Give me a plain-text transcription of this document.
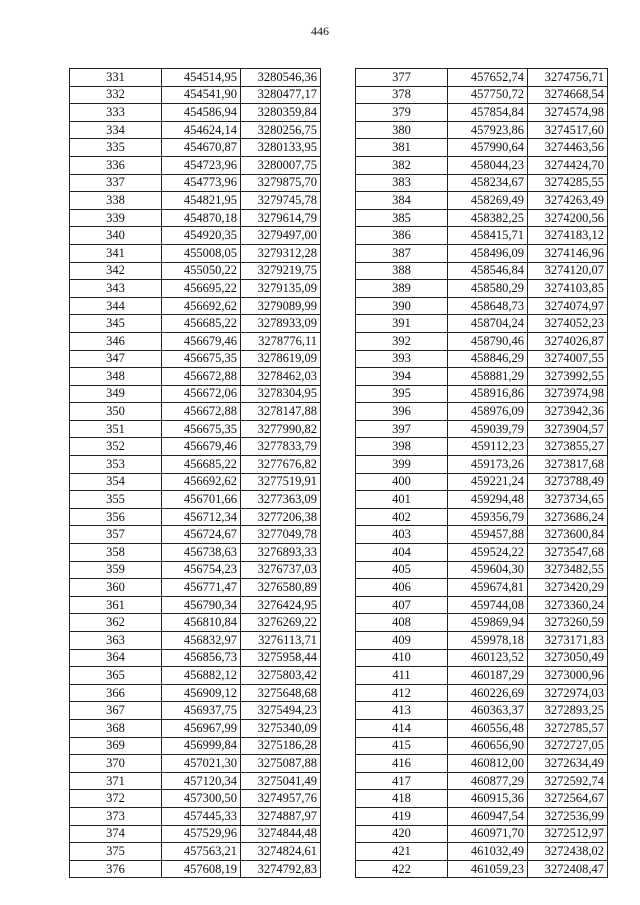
446
331	454514,95	3280546,36
332	454541,90	3280477,17
333	454586,94	3280359,84
334	454624,14	3280256,75
335	454670,87	3280133,95
336	454723,96	3280007,75
337	454773,96	3279875,70
338	454821,95	3279745,78
339	454870,18	3279614,79
340	454920,35	3279497,00
341	455008,05	3279312,28
342	455050,22	3279219,75
343	456695,22	3279135,09
344	456692,62	3279089,99
345	456685,22	3278933,09
346	456679,46	3278776,11
347	456675,35	3278619,09
348	456672,88	3278462,03
349	456672,06	3278304,95
350	456672,88	3278147,88
351	456675,35	3277990,82
352	456679,46	3277833,79
353	456685,22	3277676,82
354	456692,62	3277519,91
355	456701,66	3277363,09
356	456712,34	3277206,38
357	456724,67	3277049,78
358	456738,63	3276893,33
359	456754,23	3276737,03
360	456771,47	3276580,89
361	456790,34	3276424,95
362	456810,84	3276269,22
363	456832,97	3276113,71
364	456856,73	3275958,44
365	456882,12	3275803,42
366	456909,12	3275648,68
367	456937,75	3275494,23
368	456967,99	3275340,09
369	456999,84	3275186,28
370	457021,30	3275087,88
371	457120,34	3275041,49
372	457300,50	3274957,76
373	457445,33	3274887,97
374	457529,96	3274844,48
375	457563,21	3274824,61
376	457608,19	3274792,83
377	457652,74	3274756,71
378	457750,72	3274668,54
379	457854,84	3274574,98
380	457923,86	3274517,60
381	457990,64	3274463,56
382	458044,23	3274424,70
383	458234,67	3274285,55
384	458269,49	3274263,49
385	458382,25	3274200,56
386	458415,71	3274183,12
387	458496,09	3274146,96
388	458546,84	3274120,07
389	458580,29	3274103,85
390	458648,73	3274074,97
391	458704,24	3274052,23
392	458790,46	3274026,87
393	458846,29	3274007,55
394	458881,29	3273992,55
395	458916,86	3273974,98
396	458976,09	3273942,36
397	459039,79	3273904,57
398	459112,23	3273855,27
399	459173,26	3273817,68
400	459221,24	3273788,49
401	459294,48	3273734,65
402	459356,79	3273686,24
403	459457,88	3273600,84
404	459524,22	3273547,68
405	459604,30	3273482,55
406	459674,81	3273420,29
407	459744,08	3273360,24
408	459869,94	3273260,59
409	459978,18	3273171,83
410	460123,52	3273050,49
411	460187,29	3273000,96
412	460226,69	3272974,03
413	460363,37	3272893,25
414	460556,48	3272785,57
415	460656,90	3272727,05
416	460812,00	3272634,49
417	460877,29	3272592,74
418	460915,36	3272564,67
419	460947,54	3272536,99
420	460971,70	3272512,97
421	461032,49	3272438,02
422	461059,23	3272408,47
